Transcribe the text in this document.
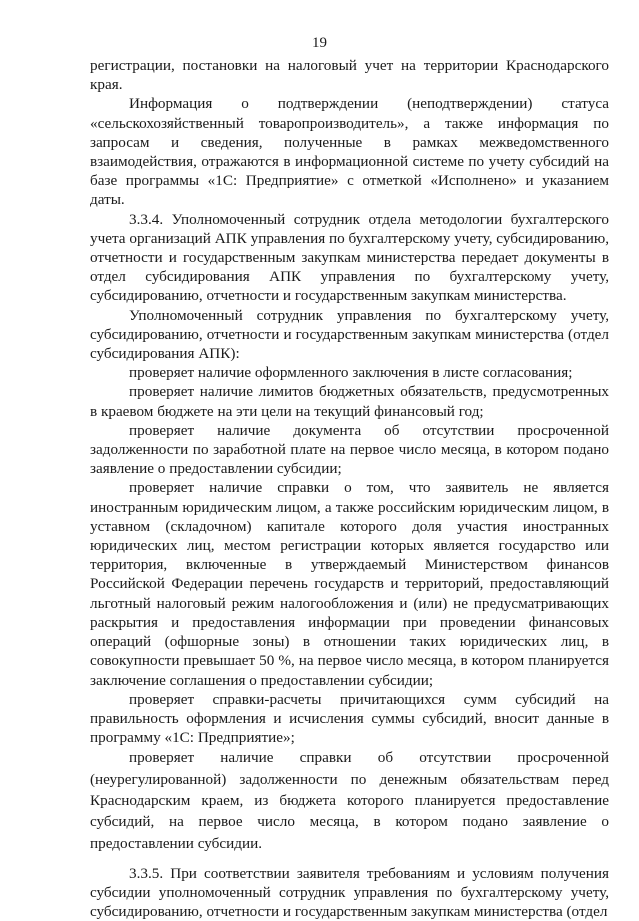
19

регистрации, постановки на налоговый учет на территории Краснодарского края.

Информация о подтверждении (неподтверждении) статуса «сельскохозяйственный товаропроизводитель», а также информация по запросам и сведения, полученные в рамках межведомственного взаимодействия, отражаются в информационной системе по учету субсидий на базе программы «1С: Предприятие» с отметкой «Исполнено» и указанием даты.

3.3.4. Уполномоченный сотрудник отдела методологии бухгалтерского учета организаций АПК управления по бухгалтерскому учету, субсидированию, отчетности и государственным закупкам министерства передает документы в отдел субсидирования АПК управления по бухгалтерскому учету, субсидированию, отчетности и государственным закупкам министерства.

Уполномоченный сотрудник управления по бухгалтерскому учету, субсидированию, отчетности и государственным закупкам министерства (отдел субсидирования АПК):

проверяет наличие оформленного заключения в листе согласования;

проверяет наличие лимитов бюджетных обязательств, предусмотренных в краевом бюджете на эти цели на текущий финансовый год;

проверяет наличие документа об отсутствии просроченной задолженности по заработной плате на первое число месяца, в котором подано заявление о предоставлении субсидии;

проверяет наличие справки о том, что заявитель не является иностранным юридическим лицом, а также российским юридическим лицом, в уставном (складочном) капитале которого доля участия иностранных юридических лиц, местом регистрации которых является государство или территория, включенные в утверждаемый Министерством финансов Российской Федерации перечень государств и территорий, предоставляющий льготный налоговый режим налогообложения и (или) не предусматривающих раскрытия и предоставления информации при проведении финансовых операций (офшорные зоны) в отношении таких юридических лиц, в совокупности превышает 50 %, на первое число месяца, в котором планируется заключение соглашения о предоставлении субсидии;

проверяет справки-расчеты причитающихся сумм субсидий на правильность оформления и исчисления суммы субсидий, вносит данные в программу «1С: Предприятие»;

проверяет наличие справки об отсутствии просроченной (неурегулированной) задолженности по денежным обязательствам перед Краснодарским краем, из бюджета которого планируется предоставление субсидий, на первое число месяца, в котором подано заявление о предоставлении субсидии.

3.3.5. При соответствии заявителя требованиям и условиям получения субсидии уполномоченный сотрудник управления по бухгалтерскому учету, субсидированию, отчетности и государственным закупкам министерства (отдел
